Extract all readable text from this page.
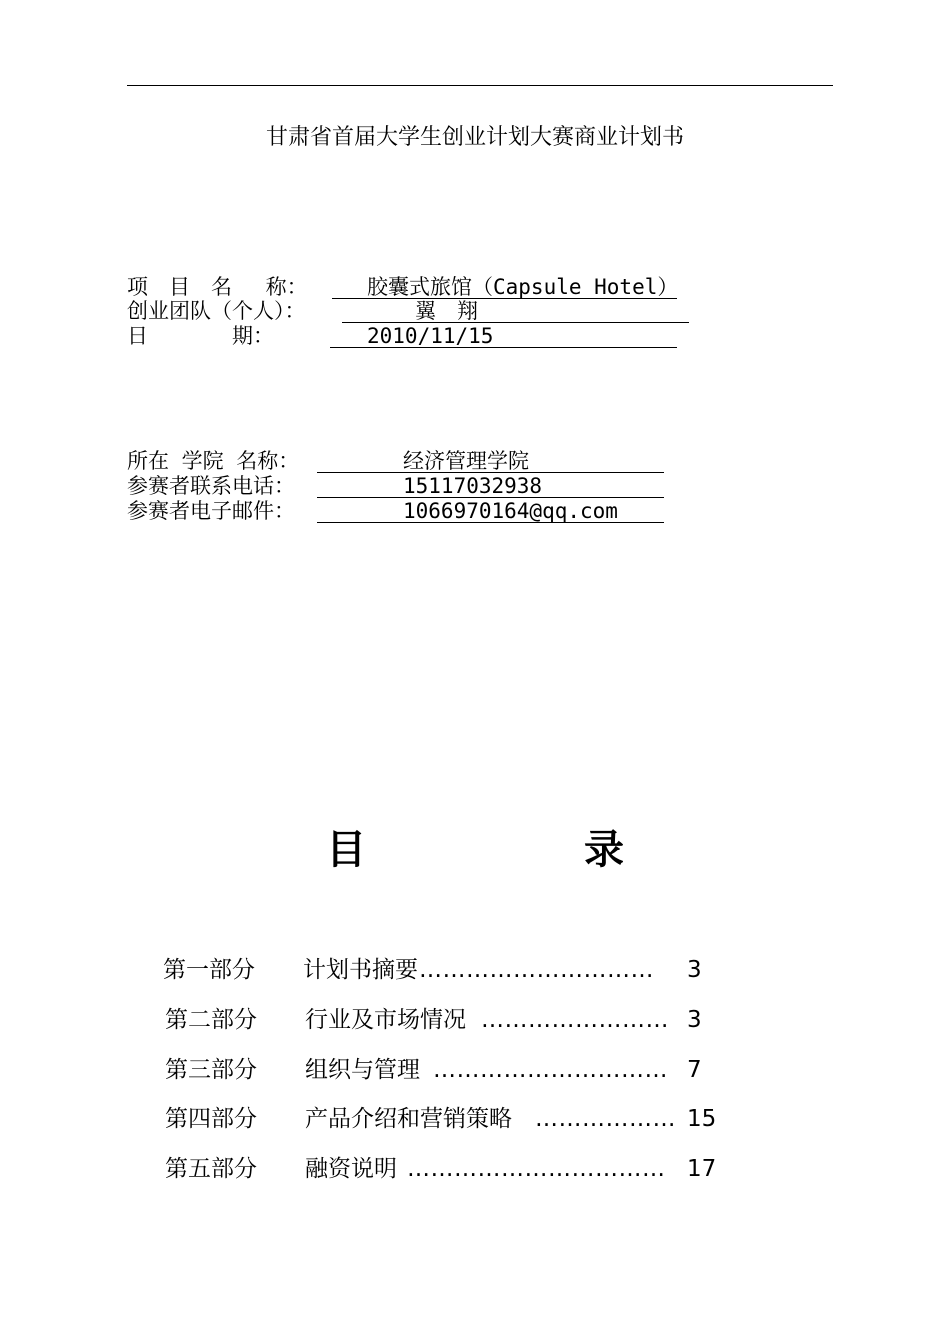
甘肃省首届大学生创业计划大赛商业计划书
项　目　名　 称：	胶囊式旅馆（Capsule Hotel）
创业团队（个人）：	翼　翔
日　　　　期：	2010/11/15
所在 学院 名称：	经济管理学院
参赛者联系电话：	15117032938
参赛者电子邮件：	1066970164@qq.com
目	录
第一部分 计划书摘要 …………………………	3
第二部分 行业及市场情况 …………………… 3
第三部分 组织与管理 ………………………… 7
第四部分 产品介绍和营销策略 ……………… 15
第五部分 融资说明 …………………………… 17
